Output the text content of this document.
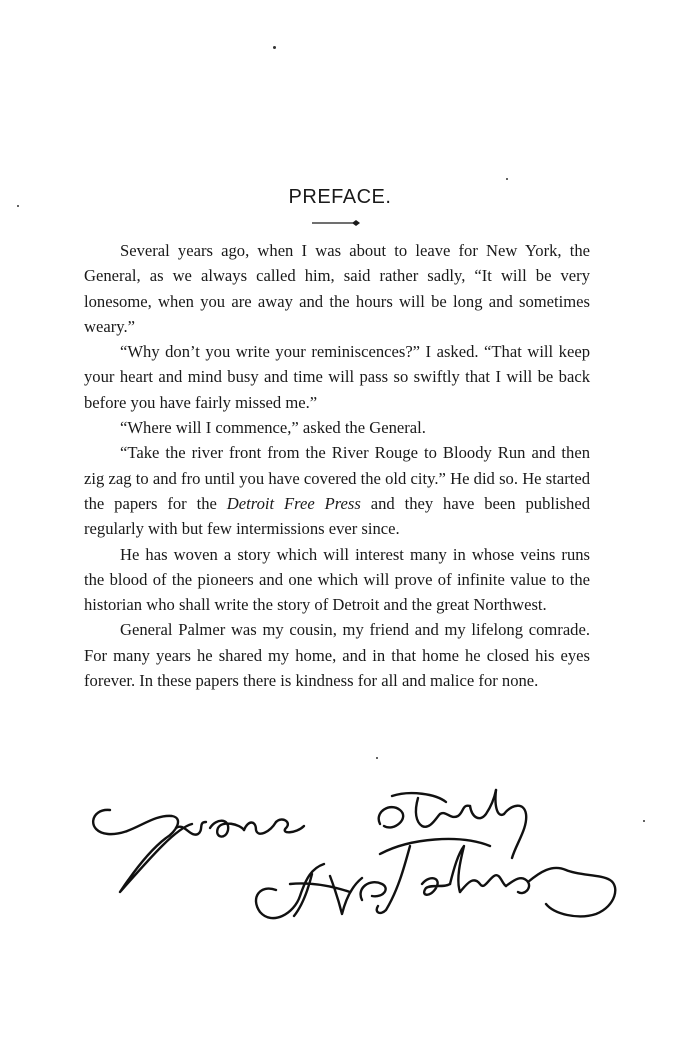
PREFACE.

Several years ago, when I was about to leave for New York, the General, as we always called him, said rather sadly, “It will be very lonesome, when you are away and the hours will be long and sometimes weary.”

“Why don’t you write your reminiscences?” I asked. “That will keep your heart and mind busy and time will pass so swiftly that I will be back before you have fairly missed me.”

“Where will I commence,” asked the General.

“Take the river front from the River Rouge to Bloody Run and then zig zag to and fro until you have covered the old city.” He did so. He started the papers for the Detroit Free Press and they have been published regularly with but few intermissions ever since.

He has woven a story which will interest many in whose veins runs the blood of the pioneers and one which will prove of infinite value to the historian who shall write the story of Detroit and the great Northwest.

General Palmer was my cousin, my friend and my lifelong comrade. For many years he shared my home, and in that home he closed his eyes forever. In these papers there is kindness for all and malice for none.
